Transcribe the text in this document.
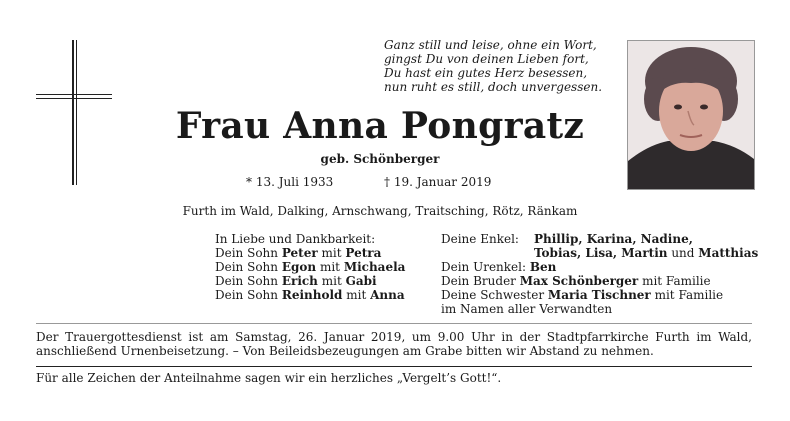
Ganz still und leise, ohne ein Wort,
gingst Du von deinen Lieben fort,
Du hast ein gutes Herz besessen,
nun ruht es still, doch unvergessen.
Frau Anna Pongratz
geb. Schönberger
* 13. Juli 1933	† 19. Januar 2019
Furth im Wald, Dalking, Arnschwang, Traitsching, Rötz, Ränkam
In Liebe und Dankbarkeit:
Dein Sohn Peter mit Petra
Dein Sohn Egon mit Michaela
Dein Sohn Erich mit Gabi
Dein Sohn Reinhold mit Anna
Deine Enkel: Phillip, Karina, Nadine,
Tobias, Lisa, Martin und Matthias
Dein Urenkel: Ben
Dein Bruder Max Schönberger mit Familie
Deine Schwester Maria Tischner mit Familie
im Namen aller Verwandten
Der Trauergottesdienst ist am Samstag, 26. Januar 2019, um 9.00 Uhr in der Stadtpfarrkirche Furth im Wald, anschließend Urnenbeisetzung. – Von Beileidsbezeugungen am Grabe bitten wir Abstand zu nehmen.
Für alle Zeichen der Anteilnahme sagen wir ein herzliches „Vergelt’s Gott!“.
